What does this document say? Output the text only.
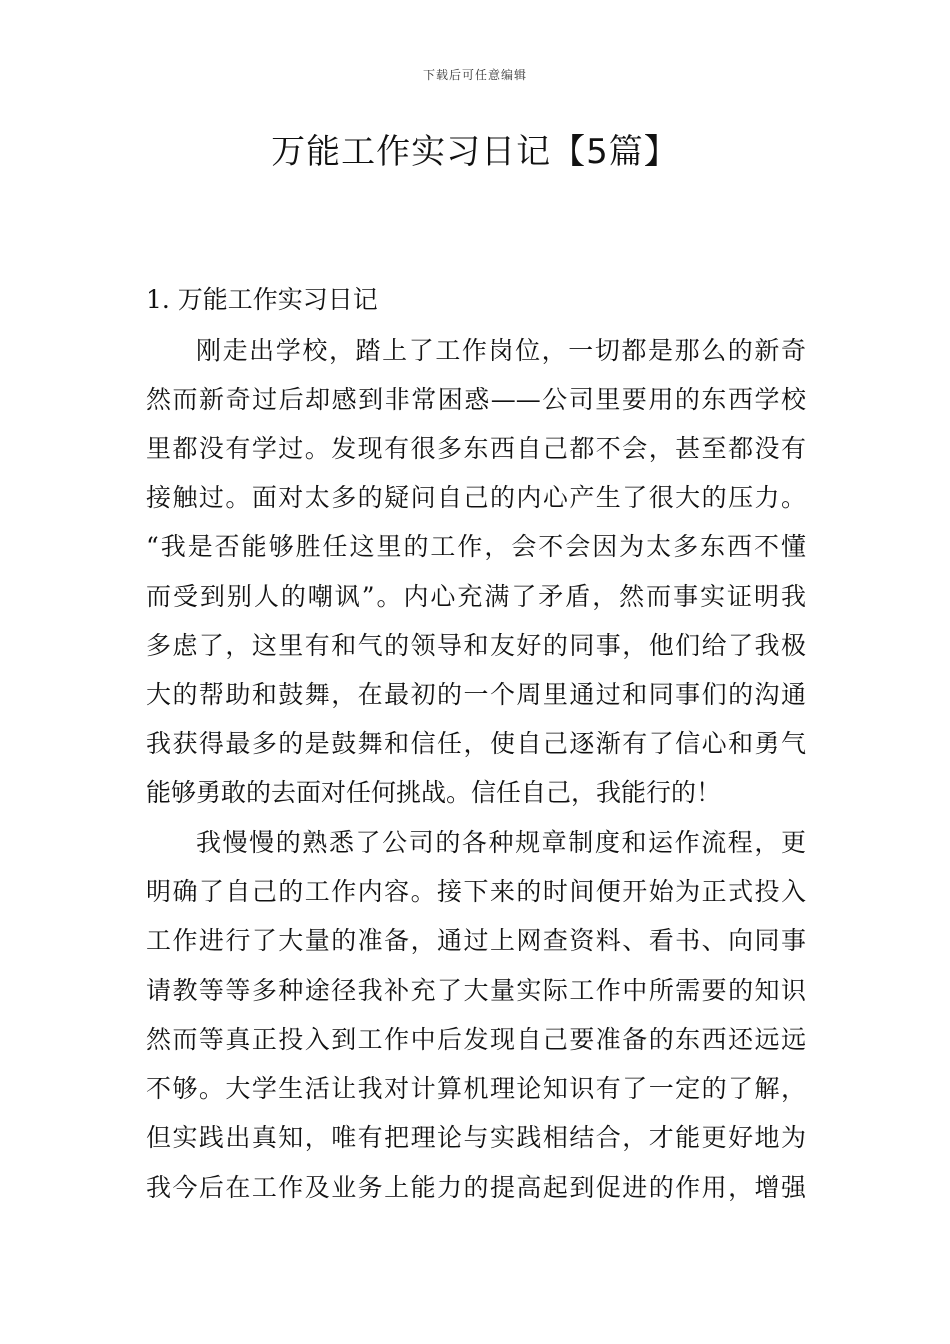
下载后可任意编辑
万能工作实习日记【5篇】
1. 万能工作实习日记
刚走出学校，踏上了工作岗位，一切都是那么的新奇
然而新奇过后却感到非常困惑——公司里要用的东西学校
里都没有学过。发现有很多东西自己都不会，甚至都没有
接触过。面对太多的疑问自己的内心产生了很大的压力。
“我是否能够胜任这里的工作，会不会因为太多东西不懂
而受到别人的嘲讽”。内心充满了矛盾，然而事实证明我
多虑了，这里有和气的领导和友好的同事，他们给了我极
大的帮助和鼓舞，在最初的一个周里通过和同事们的沟通
我获得最多的是鼓舞和信任，使自己逐渐有了信心和勇气
能够勇敢的去面对任何挑战。信任自己，我能行的！
我慢慢的熟悉了公司的各种规章制度和运作流程，更
明确了自己的工作内容。接下来的时间便开始为正式投入
工作进行了大量的准备，通过上网查资料、看书、向同事
请教等等多种途径我补充了大量实际工作中所需要的知识
然而等真正投入到工作中后发现自己要准备的东西还远远
不够。大学生活让我对计算机理论知识有了一定的了解，
但实践出真知，唯有把理论与实践相结合，才能更好地为
我今后在工作及业务上能力的提高起到促进的作用，增强
